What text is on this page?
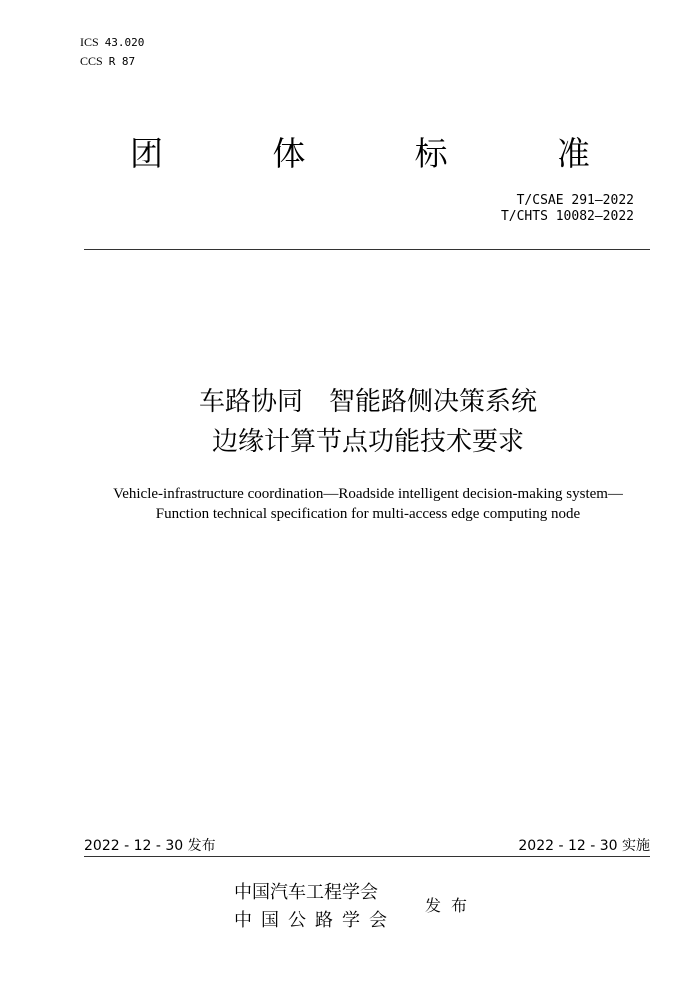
ICS 43.020
CCS R 87
团	体	标	准
T/CSAE 291—2022
T/CHTS 10082—2022
车路协同　智能路侧决策系统
边缘计算节点功能技术要求
Vehicle-infrastructure coordination—Roadside intelligent decision-making system—
Function technical specification for multi-access edge computing node
2022 - 12 - 30 发布	2022 - 12 - 30 实施
中国汽车工程学会
中国公路学会
发布
